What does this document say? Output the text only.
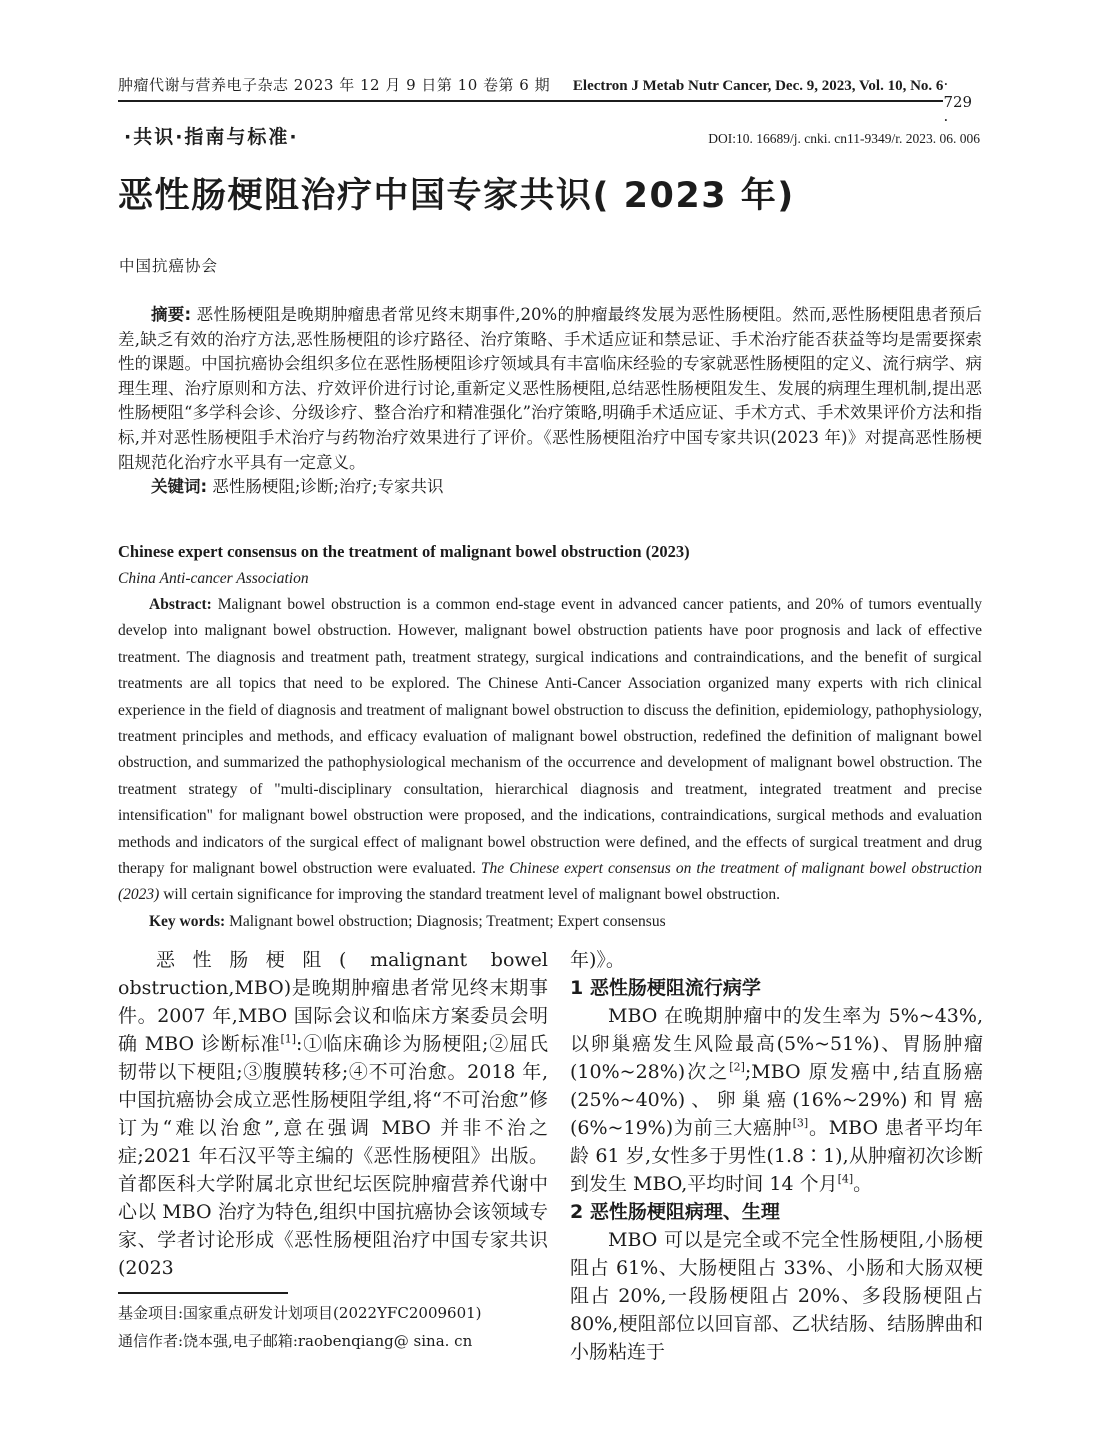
肿瘤代谢与营养电子杂志 2023 年 12 月 9 日第 10 卷第 6 期 Electron J Metab Nutr Cancer, Dec. 9, 2023, Vol. 10, No. 6 · 729 ·
·共识·指南与标准·	DOI:10. 16689/j. cnki. cn11-9349/r. 2023. 06. 006
恶性肠梗阻治疗中国专家共识( 2023 年)
中国抗癌协会

摘要: 恶性肠梗阻是晚期肿瘤患者常见终末期事件,20%的肿瘤最终发展为恶性肠梗阻。然而,恶性肠梗阻患者预后差,缺乏有效的治疗方法,恶性肠梗阻的诊疗路径、治疗策略、手术适应证和禁忌证、手术治疗能否获益等均是需要探索性的课题。中国抗癌协会组织多位在恶性肠梗阻诊疗领域具有丰富临床经验的专家就恶性肠梗阻的定义、流行病学、病理生理、治疗原则和方法、疗效评价进行讨论,重新定义恶性肠梗阻,总结恶性肠梗阻发生、发展的病理生理机制,提出恶性肠梗阻“多学科会诊、分级诊疗、整合治疗和精准强化”治疗策略,明确手术适应证、手术方式、手术效果评价方法和指标,并对恶性肠梗阻手术治疗与药物治疗效果进行了评价。《恶性肠梗阻治疗中国专家共识(2023 年)》对提高恶性肠梗阻规范化治疗水平具有一定意义。

关键词: 恶性肠梗阻;诊断;治疗;专家共识

Chinese expert consensus on the treatment of malignant bowel obstruction (2023)

China Anti-cancer Association

Abstract: Malignant bowel obstruction is a common end-stage event in advanced cancer patients, and 20% of tumors eventually develop into malignant bowel obstruction. However, malignant bowel obstruction patients have poor prognosis and lack of effective treatment. The diagnosis and treatment path, treatment strategy, surgical indications and contraindications, and the benefit of surgical treatments are all topics that need to be explored. The Chinese Anti-Cancer Association organized many experts with rich clinical experience in the field of diagnosis and treatment of malignant bowel obstruction to discuss the definition, epidemiology, pathophysiology, treatment principles and methods, and efficacy evaluation of malignant bowel obstruction, redefined the definition of malignant bowel obstruction, and summarized the pathophysiological mechanism of the occurrence and development of malignant bowel obstruction. The treatment strategy of "multi-disciplinary consultation, hierarchical diagnosis and treatment, integrated treatment and precise intensification" for malignant bowel obstruction were proposed, and the indications, contraindications, surgical methods and evaluation methods and indicators of the surgical effect of malignant bowel obstruction were defined, and the effects of surgical treatment and drug therapy for malignant bowel obstruction were evaluated. The Chinese expert consensus on the treatment of malignant bowel obstruction (2023) will certain significance for improving the standard treatment level of malignant bowel obstruction.

Key words: Malignant bowel obstruction; Diagnosis; Treatment; Expert consensus

恶性肠梗阻( malignant bowel obstruction,MBO)是晚期肿瘤患者常见终末期事件。2007 年,MBO 国际会议和临床方案委员会明确 MBO 诊断标准[1]:①临床确诊为肠梗阻;②屈氏韧带以下梗阻;③腹膜转移;④不可治愈。2018 年,中国抗癌协会成立恶性肠梗阻学组,将“不可治愈”修订为“难以治愈”,意在强调 MBO 并非不治之症;2021 年石汉平等主编的《恶性肠梗阻》出版。首都医科大学附属北京世纪坛医院肿瘤营养代谢中心以 MBO 治疗为特色,组织中国抗癌协会该领域专家、学者讨论形成《恶性肠梗阻治疗中国专家共识(2023

年)》。

1 恶性肠梗阻流行病学

MBO 在晚期肿瘤中的发生率为 5%~43%,以卵巢癌发生风险最高(5%~51%)、胃肠肿瘤(10%~28%)次之[2];MBO 原发癌中,结直肠癌(25%~40%)、卵巢癌(16%~29%)和胃癌(6%~19%)为前三大癌肿[3]。MBO 患者平均年龄 61 岁,女性多于男性(1.8∶1),从肿瘤初次诊断到发生 MBO,平均时间 14 个月[4]。

2 恶性肠梗阻病理、生理

MBO 可以是完全或不完全性肠梗阻,小肠梗阻占 61%、大肠梗阻占 33%、小肠和大肠双梗阻占 20%,一段肠梗阻占 20%、多段肠梗阻占 80%,梗阻部位以回盲部、乙状结肠、结肠脾曲和小肠粘连于

基金项目:国家重点研发计划项目(2022YFC2009601)

通信作者:饶本强,电子邮箱:raobenqiang@ sina. cn
